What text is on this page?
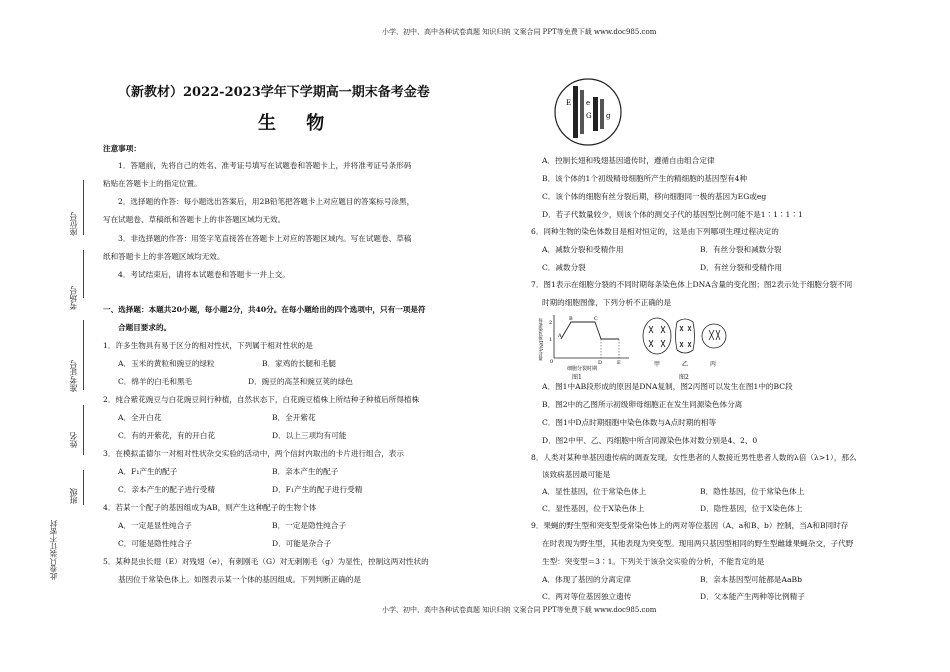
小学、初中、高中各种试卷真题 知识归纳 文案合同 PPT等免费下载 www.doc985.com
小学、初中、高中各种试卷真题 知识归纳 文案合同 PPT等免费下载 www.doc985.com
座位号
考场号
准考证号
姓名
班级
此卷只装订不密封
（新教材）2022-2023学年下学期高一期末备考金卷
生 物
注意事项：
1．答题前，先将自己的姓名、准考证号填写在试题卷和答题卡上，并将准考证号条形码
粘贴在答题卡上的指定位置。
2．选择题的作答：每小题选出答案后，用2B铅笔把答题卡上对应题目的答案标号涂黑，
写在试题卷、草稿纸和答题卡上的非答题区域均无效。
3．非选择题的作答：用签字笔直接答在答题卡上对应的答题区域内。写在试题卷、草稿
纸和答题卡上的非答题区域均无效。
4．考试结束后，请将本试题卷和答题卡一并上交。
一、选择题：本题共20小题，每小题2分，共40分。在每小题给出的四个选项中，只有一项是符
合题目要求的。
1．许多生物具有易于区分的相对性状，下列属于相对性状的是
A．玉米的黄粒和豌豆的绿粒	B．家鸡的长腿和毛腿
C．绵羊的白毛和黑毛	D．豌豆的高茎和豌豆荚的绿色
2．纯合紫花豌豆与白花豌豆间行种植，自然状态下，白花豌豆植株上所结种子种植后所得植株
A．全开白花	B．全开紫花
C．有的开紫花，有的开白花	D．以上三项均有可能
3．在模拟孟德尔一对相对性状杂交实验的活动中，两个信封内取出的卡片进行组合，表示
A．F₁产生的配子	B．亲本产生的配子
C．亲本产生的配子进行受精	D．F₁产生的配子进行受精
4．若某一个配子的基因组成为AB，则产生这种配子的生物个体
A．一定是显性纯合子	B．一定是隐性纯合子
C．可能是隐性纯合子	D．可能是杂合子
5．某种昆虫长翅（E）对残翅（e），有刺刚毛（G）对无刺刚毛（g）为显性，控制这两对性状的
基因位于常染色体上。如图表示某一个体的基因组成。下列判断正确的是
E e
G g
A．控制长翅和残翅基因遗传时，遵循自由组合定律
B．该个体的1个初级精母细胞所产生的精细胞的基因型有4种
C．该个体的细胞有丝分裂后期，移向细胞同一极的基因为EG或eg
D．若子代数量较少，则该个体的测交子代的基因型比例可能不是1∶1∶1∶1
6．同种生物的染色体数目是相对恒定的，这是由下列哪项生理过程决定的
A．减数分裂和受精作用	B．有丝分裂和减数分裂
C．减数分裂	D．有丝分裂和受精作用
7．图1表示在细胞分裂的不同时期每条染色体上DNA含量的变化图；图2表示处于细胞分裂不同
时期的细胞图像，下列分析不正确的是
每条染色体DNA含量 2
1
0
A
B	C
D	E
细胞分裂时期
图1
甲	乙	丙
图2
A．图1中AB段形成的原因是DNA复制，图2丙图可以发生在图1中的BC段
B．图2中的乙图所示初级卵母细胞正在发生同源染色体分离
C．图1中D点时期细胞中染色体数与A点时期的相等
D．图2中甲、乙、丙细胞中所含同源染色体对数分别是4、2、0
8．人类对某种单基因遗传病的调查发现，女性患者的人数接近男性患者人数的λ倍（λ>1），那么
该致病基因最可能是
A．显性基因，位于常染色体上	B．隐性基因，位于常染色体上
C．显性基因，位于X染色体上	D．隐性基因，位于X染色体上
9．果蝇的野生型和突变型受常染色体上的两对等位基因（A、a和B、b）控制，当A和B同时存
在时表现为野生型，其他表现为突变型。现用两只基因型相同的野生型雌雄果蝇杂交，子代野
生型：突变型＝3∶1。下列关于该杂交实验的分析，不能肯定的是
A．体现了基因的分离定律	B．亲本基因型可能都是AaBb
C．两对等位基因独立遗传	D．父本能产生两种等比例精子
